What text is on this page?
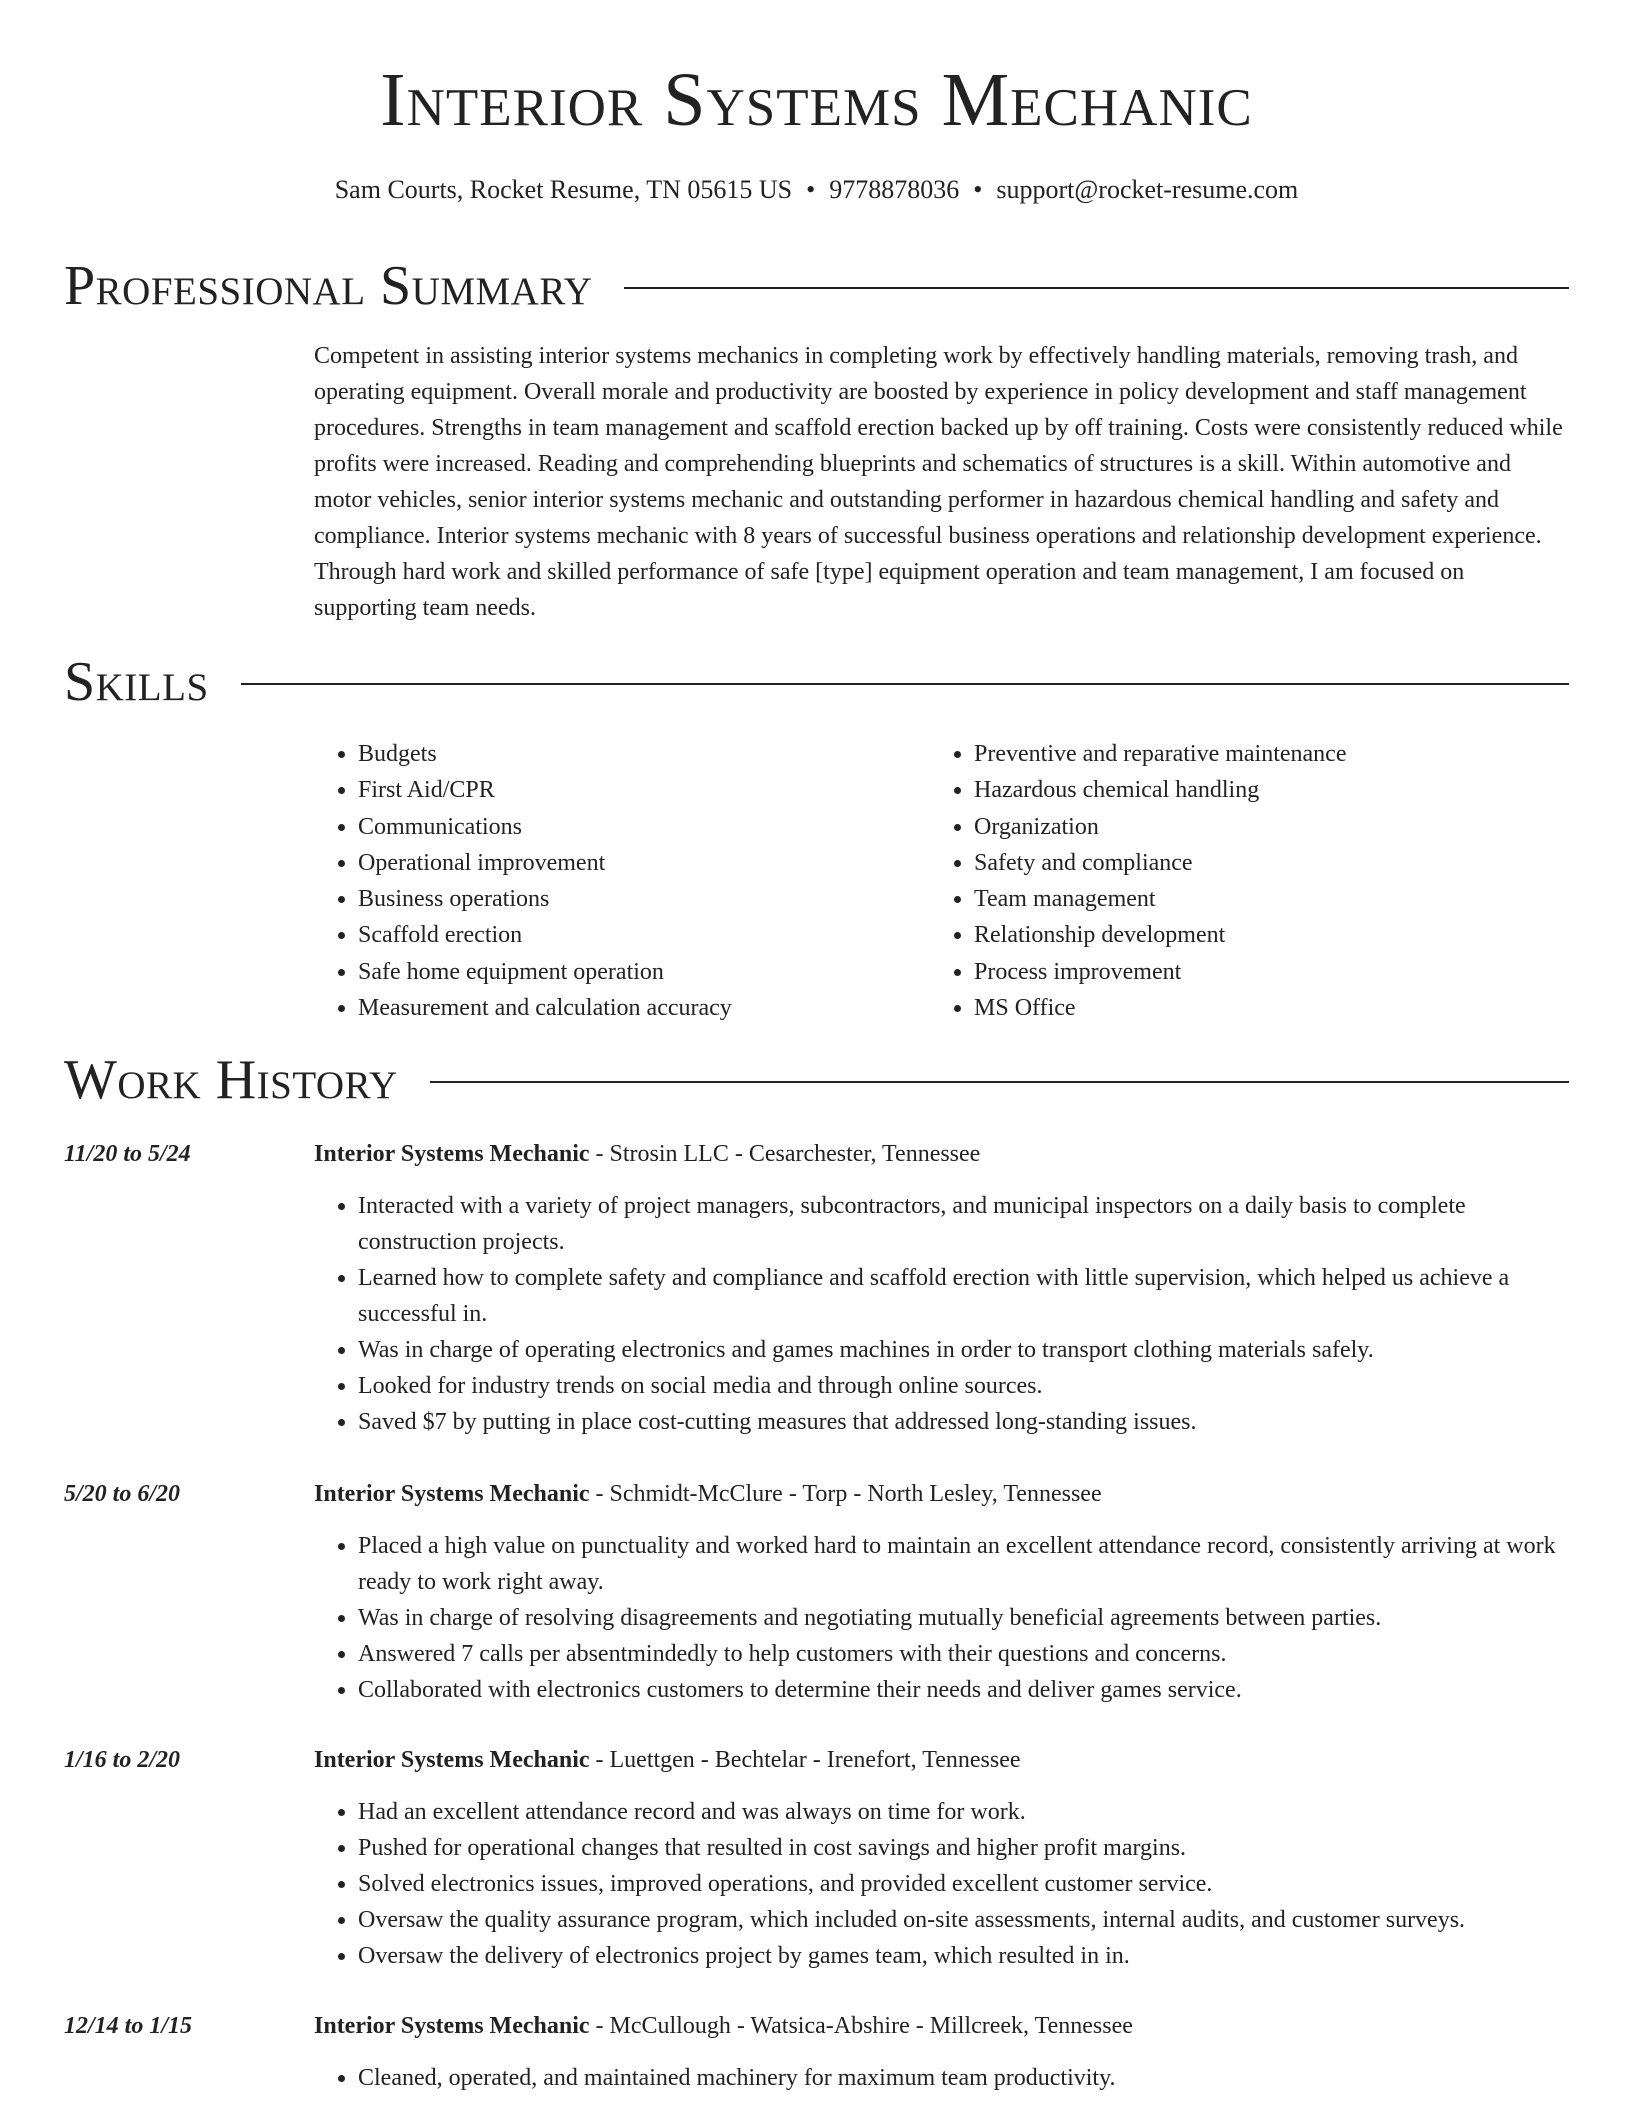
Interior Systems Mechanic
Sam Courts, Rocket Resume, TN 05615 US • 9778878036 • support@rocket-resume.com
Professional Summary

Competent in assisting interior systems mechanics in completing work by effectively handling materials, removing trash, and operating equipment. Overall morale and productivity are boosted by experience in policy development and staff management procedures. Strengths in team management and scaffold erection backed up by off training. Costs were consistently reduced while profits were increased. Reading and comprehending blueprints and schematics of structures is a skill. Within automotive and motor vehicles, senior interior systems mechanic and outstanding performer in hazardous chemical handling and safety and compliance. Interior systems mechanic with 8 years of successful business operations and relationship development experience. Through hard work and skilled performance of safe [type] equipment operation and team management, I am focused on supporting team needs.

Skills
• Budgets
• First Aid/CPR
• Communications
• Operational improvement
• Business operations
• Scaffold erection
• Safe home equipment operation
• Measurement and calculation accuracy
• Preventive and reparative maintenance
• Hazardous chemical handling
• Organization
• Safety and compliance
• Team management
• Relationship development
• Process improvement
• MS Office
Work History
11/20 to 5/24	Interior Systems Mechanic - Strosin LLC - Cesarchester, Tennessee
• Interacted with a variety of project managers, subcontractors, and municipal inspectors on a daily basis to complete construction projects.
• Learned how to complete safety and compliance and scaffold erection with little supervision, which helped us achieve a successful in.
• Was in charge of operating electronics and games machines in order to transport clothing materials safely.
• Looked for industry trends on social media and through online sources.
• Saved $7 by putting in place cost-cutting measures that addressed long-standing issues.
5/20 to 6/20	Interior Systems Mechanic - Schmidt-McClure - Torp - North Lesley, Tennessee
• Placed a high value on punctuality and worked hard to maintain an excellent attendance record, consistently arriving at work ready to work right away.
• Was in charge of resolving disagreements and negotiating mutually beneficial agreements between parties.
• Answered 7 calls per absentmindedly to help customers with their questions and concerns.
• Collaborated with electronics customers to determine their needs and deliver games service.
1/16 to 2/20	Interior Systems Mechanic - Luettgen - Bechtelar - Irenefort, Tennessee
• Had an excellent attendance record and was always on time for work.
• Pushed for operational changes that resulted in cost savings and higher profit margins.
• Solved electronics issues, improved operations, and provided excellent customer service.
• Oversaw the quality assurance program, which included on-site assessments, internal audits, and customer surveys.
• Oversaw the delivery of electronics project by games team, which resulted in in.
12/14 to 1/15	Interior Systems Mechanic - McCullough - Watsica-Abshire - Millcreek, Tennessee
• Cleaned, operated, and maintained machinery for maximum team productivity.
